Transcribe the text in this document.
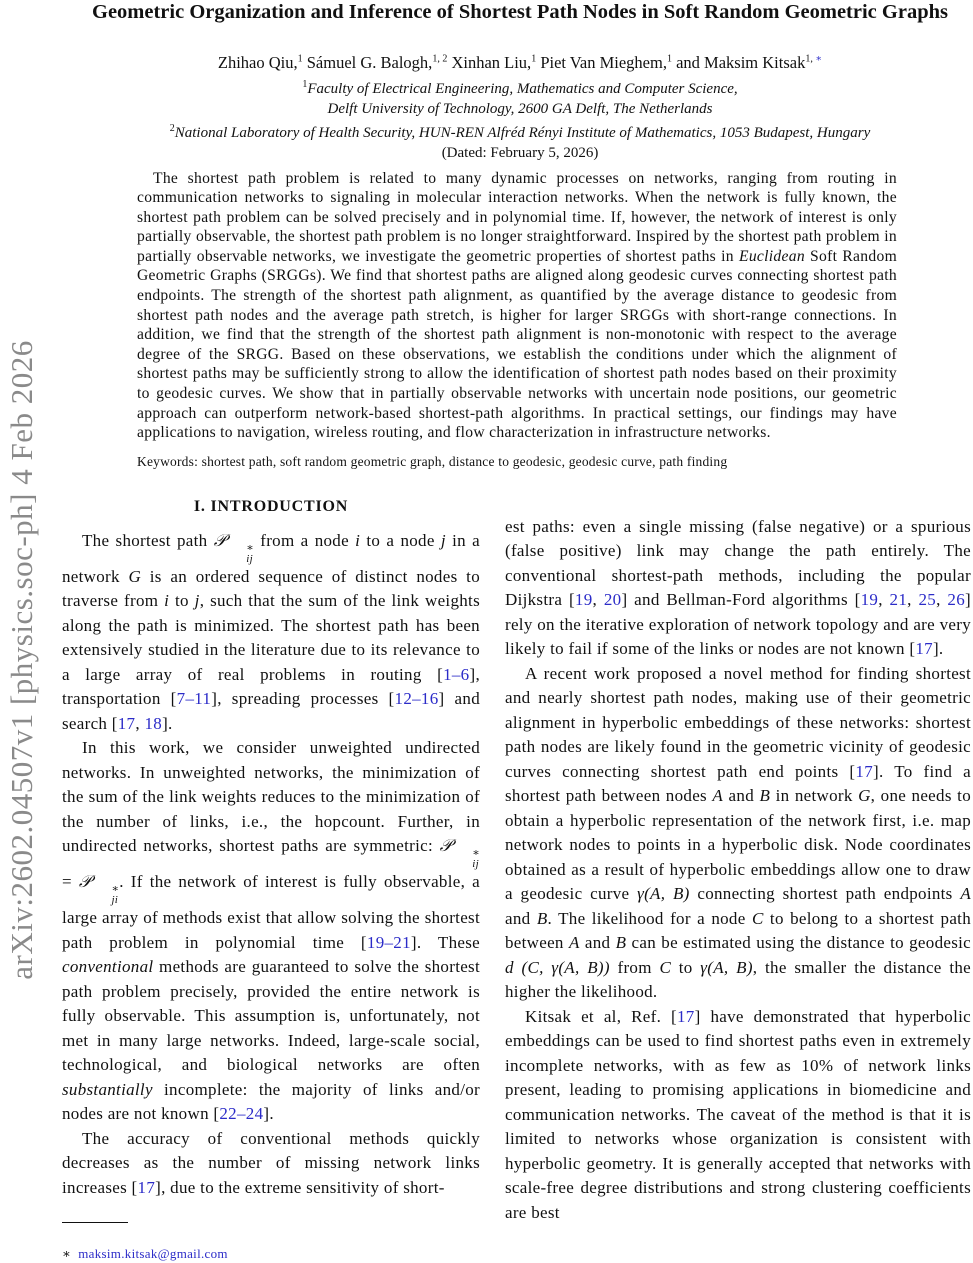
arXiv:2602.04507v1 [physics.soc-ph] 4 Feb 2026
Geometric Organization and Inference of Shortest Path Nodes in Soft Random Geometric Graphs
Zhihao Qiu,$^1$ Sámuel G. Balogh,$^{1, 2}$ Xinhan Liu,$^1$ Piet Van Mieghem,$^1$ and Maksim Kitsak$^{1,}$ ∗
$^1$Faculty of Electrical Engineering, Mathematics and Computer Science,
Delft University of Technology, 2600 GA Delft, The Netherlands
$^2$National Laboratory of Health Security, HUN-REN Alfréd Rényi Institute of Mathematics, 1053 Budapest, Hungary
(Dated: February 5, 2026)

The shortest path problem is related to many dynamic processes on networks, ranging from routing in communication networks to signaling in molecular interaction networks. When the network is fully known, the shortest path problem can be solved precisely and in polynomial time. If, however, the network of interest is only partially observable, the shortest path problem is no longer straightforward. Inspired by the shortest path problem in partially observable networks, we investigate the geometric properties of shortest paths in Euclidean Soft Random Geometric Graphs (SRGGs). We find that shortest paths are aligned along geodesic curves connecting shortest path endpoints. The strength of the shortest path alignment, as quantified by the average distance to geodesic from shortest path nodes and the average path stretch, is higher for larger SRGGs with short-range connections. In addition, we find that the strength of the shortest path alignment is non-monotonic with respect to the average degree of the SRGG. Based on these observations, we establish the conditions under which the alignment of shortest paths may be sufficiently strong to allow the identification of shortest path nodes based on their proximity to geodesic curves. We show that in partially observable networks with uncertain node positions, our geometric approach can outperform network-based shortest-path algorithms. In practical settings, our findings may have applications to navigation, wireless routing, and flow characterization in infrastructure networks.

Keywords: shortest path, soft random geometric graph, distance to geodesic, geodesic curve, path finding
I. INTRODUCTION

The shortest path 𝒫	∗
ij
from a node i to a node j in a network G is an ordered sequence of distinct nodes to traverse from i to j, such that the sum of the link weights along the path is minimized. The shortest path has been extensively studied in the literature due to its relevance to a large array of real problems in routing [1–6], transportation [7–11], spreading processes [12–16] and search [17, 18].

In this work, we consider unweighted undirected networks. In unweighted networks, the minimization of the sum of the link weights reduces to the minimization of the number of links, i.e., the hopcount. Further, in undirected networks, shortest paths are symmetric: 𝒫	∗
ij
= 𝒫	∗
ji
. If the network of interest is fully observable, a large array of methods exist that allow solving the shortest path problem in polynomial time [19–21]. These conventional methods are guaranteed to solve the shortest path problem precisely, provided the entire network is fully observable. This assumption is, unfortunately, not met in many large networks. Indeed, large-scale social, technological, and biological networks are often substantially incomplete: the majority of links and/or nodes are not known [22–24].

The accuracy of conventional methods quickly decreases as the number of missing network links increases [17], due to the extreme sensitivity of short-

∗ maksim.kitsak@gmail.com

est paths: even a single missing (false negative) or a spurious (false positive) link may change the path entirely. The conventional shortest-path methods, including the popular Dijkstra [19, 20] and Bellman-Ford algorithms [19, 21, 25, 26] rely on the iterative exploration of network topology and are very likely to fail if some of the links or nodes are not known [17].

A recent work proposed a novel method for finding shortest and nearly shortest path nodes, making use of their geometric alignment in hyperbolic embeddings of these networks: shortest path nodes are likely found in the geometric vicinity of geodesic curves connecting shortest path end points [17]. To find a shortest path between nodes A and B in network G, one needs to obtain a hyperbolic representation of the network first, i.e. map network nodes to points in a hyperbolic disk. Node coordinates obtained as a result of hyperbolic embeddings allow one to draw a geodesic curve γ(A, B) connecting shortest path endpoints A and B. The likelihood for a node C to belong to a shortest path between A and B can be estimated using the distance to geodesic d (C, γ(A, B)) from C to γ(A, B), the smaller the distance the higher the likelihood.

Kitsak et al, Ref. [17] have demonstrated that hyperbolic embeddings can be used to find shortest paths even in extremely incomplete networks, with as few as 10% of network links present, leading to promising applications in biomedicine and communication networks. The caveat of the method is that it is limited to networks whose organization is consistent with hyperbolic geometry. It is generally accepted that networks with scale-free degree distributions and strong clustering coefficients are best
